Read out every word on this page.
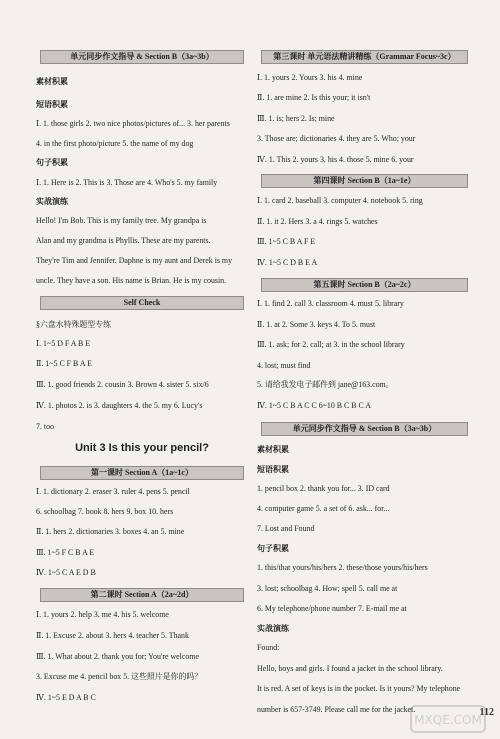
单元同步作文指导 & Section B（3a~3b）
素材积累
短语积累
Ⅰ. 1. those girls 2. two nice photos/pictures of... 3. her parents
4. in the first photo/picture 5. the name of my dog
句子积累
Ⅰ. 1. Here is 2. This is 3. Those are 4. Who's 5. my family
实战演练
Hello! I'm Bob. This is my family tree. My grandpa is
Alan and my grandma is Phyllis. These are my parents.
They're Tim and Jennifer. Daphne is my aunt and Derek is my
uncle. They have a son. His name is Brian. He is my cousin.
Self Check
§六盘水特殊题型专练
Ⅰ. 1~5 D F A B E
Ⅱ. 1~5 C F B A E
Ⅲ. 1. good friends 2. cousin 3. Brown 4. sister 5. six/6
Ⅳ. 1. photos 2. is 3. daughters 4. the 5. my 6. Lucy's
7. too
Unit 3 Is this your pencil?
第一课时 Section A（1a~1c）
Ⅰ. 1. dictionary 2. eraser 3. ruler 4. pens 5. pencil
6. schoolbag 7. book 8. hers 9. box 10. hers
Ⅱ. 1. hers 2. dictionaries 3. boxes 4. an 5. mine
Ⅲ. 1~5 F C B A E
Ⅳ. 1~5 C A E D B
第二课时 Section A（2a~2d）
Ⅰ. 1. yours 2. help 3. me 4. his 5. welcome
Ⅱ. 1. Excuse 2. about 3. hers 4. teacher 5. Thank
Ⅲ. 1. What about 2. thank you for; You're welcome
3. Excuse me 4. pencil box 5. 这些照片是你的吗？
Ⅳ. 1~5 E D A B C
第三课时 单元语法精讲精练（Grammar Focus~3c）
Ⅰ. 1. yours 2. Yours 3. his 4. mine
Ⅱ. 1. are mine 2. Is this your; it isn't
Ⅲ. 1. is; hers 2. Is; mine
3. Those are; dictionaries 4. they are 5. Who; your
Ⅳ. 1. This 2. yours 3. his 4. those 5. mine 6. your
第四课时 Section B（1a~1e）
Ⅰ. 1. card 2. baseball 3. computer 4. notebook 5. ring
Ⅱ. 1. it 2. Hers 3. a 4. rings 5. watches
Ⅲ. 1~5 C B A F E
Ⅳ. 1~5 C D B E A
第五课时 Section B（2a~2c）
Ⅰ. 1. find 2. call 3. classroom 4. must 5. library
Ⅱ. 1. at 2. Some 3. keys 4. To 5. must
Ⅲ. 1. ask; for 2. call; at 3. in the school library
4. lost; must find
5. 请给我发电子邮件到 jane@163.com。
Ⅳ. 1~5 C B A C C 6~10 B C B C A
单元同步作文指导 & Section B（3a~3b）
素材积累
短语积累
1. pencil box 2. thank you for... 3. ID card
4. computer game 5. a set of 6. ask... for...
7. Lost and Found
句子积累
1. this/that yours/his/hers 2. these/those yours/his/hers
3. lost; schoolbag 4. How; spell 5. call me at
6. My telephone/phone number 7. E-mail me at
实战演练
Found:
Hello, boys and girls. I found a jacket in the school library.
It is red. A set of keys is in the pocket. Is it yours? My telephone
number is 657-3749. Please call me for the jacket.	112
MXQE.COM
